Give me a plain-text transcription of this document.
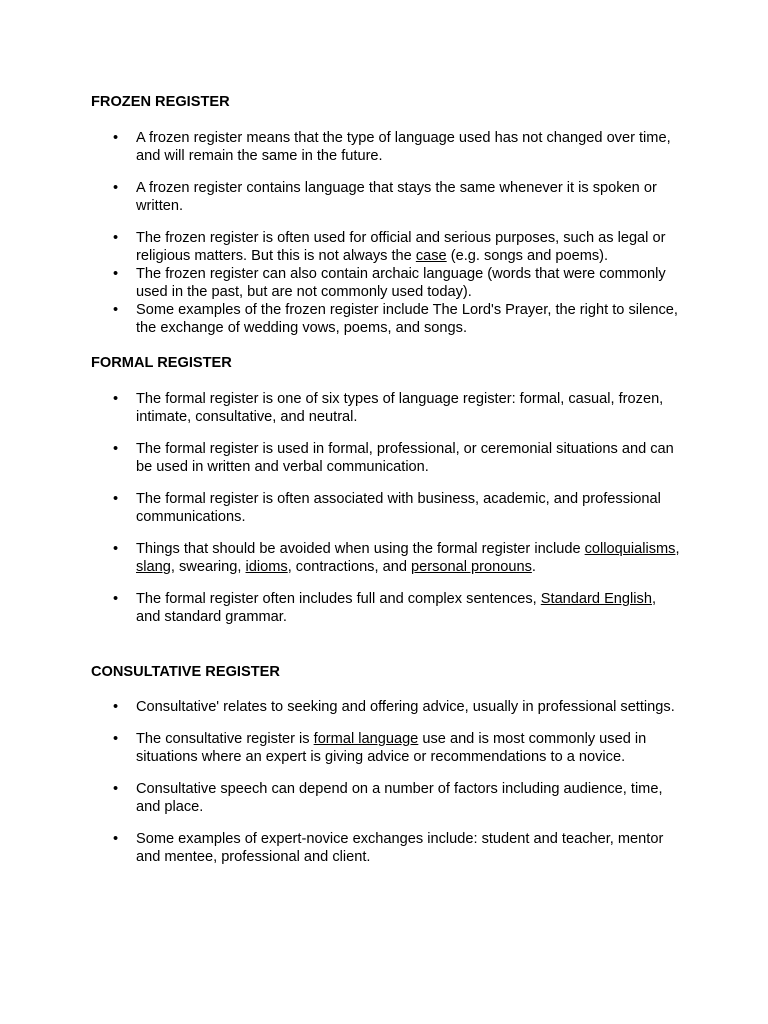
FROZEN REGISTER
• A frozen register means that the type of language used has not changed over time, and will remain the same in the future.
• A frozen register contains language that stays the same whenever it is spoken or written.
• The frozen register is often used for official and serious purposes, such as legal or religious matters. But this is not always the case (e.g. songs and poems).
• The frozen register can also contain archaic language (words that were commonly used in the past, but are not commonly used today).
• Some examples of the frozen register include The Lord's Prayer, the right to silence, the exchange of wedding vows, poems, and songs.
FORMAL REGISTER
• The formal register is one of six types of language register: formal, casual, frozen, intimate, consultative, and neutral.
• The formal register is used in formal, professional, or ceremonial situations and can be used in written and verbal communication.
• The formal register is often associated with business, academic, and professional communications.
• Things that should be avoided when using the formal register include colloquialisms, slang, swearing, idioms, contractions, and personal pronouns.
• The formal register often includes full and complex sentences, Standard English, and standard grammar.
CONSULTATIVE REGISTER
• Consultative' relates to seeking and offering advice, usually in professional settings.
• The consultative register is formal language use and is most commonly used in situations where an expert is giving advice or recommendations to a novice.
• Consultative speech can depend on a number of factors including audience, time, and place.
• Some examples of expert-novice exchanges include: student and teacher, mentor and mentee, professional and client.
